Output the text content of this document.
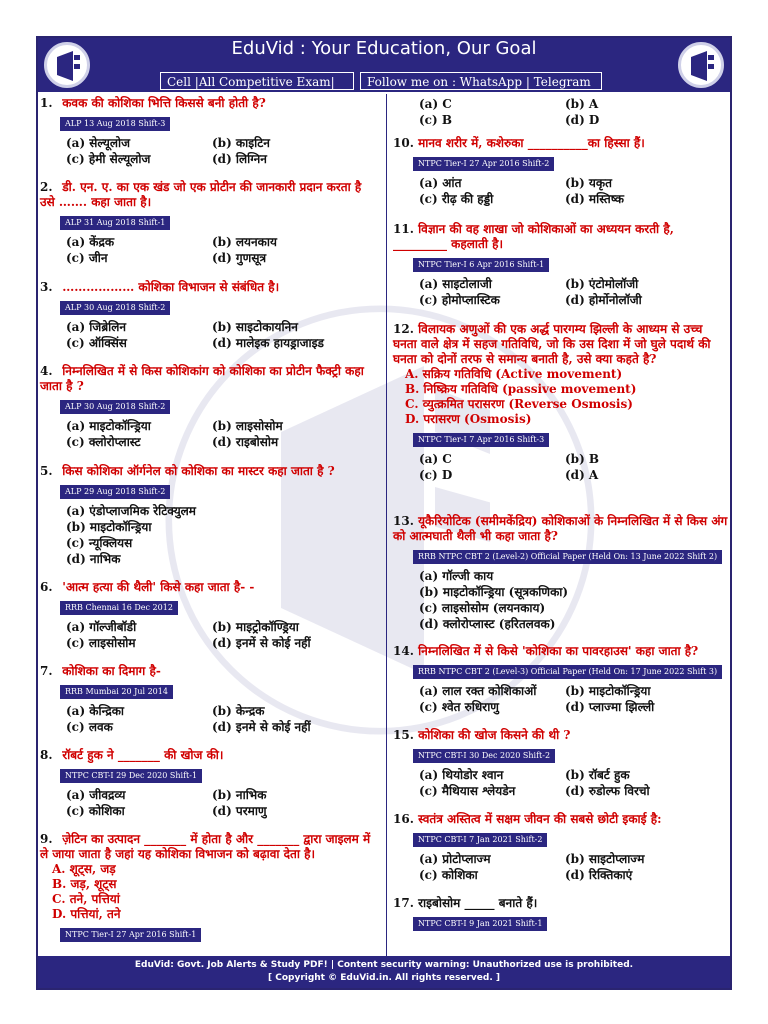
EduVid : Your Education, Our Goal
Cell |All Competitive Exam|	Follow me on : WhatsApp | Telegram
1. कवक की कोशिका भित्ति किससे बनी होती है?
ALP 13 Aug 2018 Shift-3
(a) सेल्यूलोज	(b) काइटिन
(c) हेमी सेल्यूलोज	(d) लिग्निन
2. डी. एन. ए. का एक खंड जो एक प्रोटीन की जानकारी प्रदान करता है उसे ……. कहा जाता है।
ALP 31 Aug 2018 Shift-1
(a) केंद्रक	(b) लयनकाय
(c) जीन	(d) गुणसूत्र
3. ……………… कोशिका विभाजन से संबंधित है।
ALP 30 Aug 2018 Shift-2
(a) जिब्रेलिन	(b) साइटोकायनिन
(c) ऑक्सिंस	(d) मालेइक हायड्राजाइड
4. निम्नलिखित में से किस कोशिकांग को कोशिका का प्रोटीन फैक्ट्री कहा जाता है ?
ALP 30 Aug 2018 Shift-2
(a) माइटोकॉन्ड्रिया	(b) लाइसोसोम
(c) क्लोरोप्लास्ट	(d) राइबोसोम
5. किस कोशिका ऑर्गनेल को कोशिका का मास्टर कहा जाता है ?
ALP 29 Aug 2018 Shift-2
(a) एंडोप्लाजमिक रेटिक्युलम
(b) माइटोकॉन्ड्रिया
(c) न्यूक्लियस
(d) नाभिक
6. 'आत्म हत्या की थैली' किसे कहा जाता है- -
RRB Chennai 16 Dec 2012
(a) गॉल्जीबॉडी	(b) माइट्रोकॉण्ड्रिया
(c) लाइसोसोम	(d) इनमें से कोई नहीं
7. कोशिका का दिमाग है-
RRB Mumbai 20 Jul 2014
(a) केन्द्रिका	(b) केन्द्रक
(c) लवक	(d) इनमे से कोई नहीं
8. रॉबर्ट हुक ने _______ की खोज की।
NTPC CBT-I 29 Dec 2020 Shift-1
(a) जीवद्रव्य	(b) नाभिक
(c) कोशिका	(d) परमाणु
9. ज़ेटिन का उत्पादन _______ में होता है और _______ द्वारा जाइलम में ले जाया जाता है जहां यह कोशिका विभाजन को बढ़ावा देता है।
A. शूट्स, जड़
B. जड़, शूट्स
C. तने, पत्तियां
D. पत्तियां, तने
NTPC Tier-I 27 Apr 2016 Shift-1
(a) C	(b) A
(c) B	(d) D
10. मानव शरीर में, कशेरुका __________का हिस्सा हैं।
NTPC Tier-I 27 Apr 2016 Shift-2
(a) आंत	(b) यकृत
(c) रीढ़ की हड्डी	(d) मस्तिष्क
11. विज्ञान की वह शाखा जो कोशिकाओं का अध्ययन करती है, _________ कहलाती है।
NTPC Tier-I 6 Apr 2016 Shift-1
(a) साइटोलाजी	(b) एंटोमोलॉजी
(c) होमोप्लास्टिक	(d) होर्मोनोलॉजी
12. विलायक अणुओं की एक अर्द्ध पारगम्य झिल्ली के आध्यम से उच्च घनता वाले क्षेत्र में सहज गतिविधि, जो कि उस दिशा में जो घुले पदार्थ की घनता को दोनों तरफ से समान्य बनाती है, उसे क्या कहते है?
A. सक्रिय गतिविधि (Active movement)
B. निष्क्रिय गतिविधि (passive movement)
C. व्युत्क्रमित परासरण (Reverse Osmosis)
D. परासरण (Osmosis)
NTPC Tier-I 7 Apr 2016 Shift-3
(a) C	(b) B
(c) D	(d) A
13. यूकैरियोटिक (समीमकेंद्रिय) कोशिकाओं के निम्नलिखित में से किस अंग को आत्मघाती थैली भी कहा जाता है?
RRB NTPC CBT 2 (Level-2) Official Paper (Held On: 13 June 2022 Shift 2)
(a) गॉल्जी काय
(b) माइटोकॉन्ड्रिया (सूत्रकणिका)
(c) लाइसोसोम (लयनकाय)
(d) क्लोरोप्लास्ट (हरितलवक)
14. निम्नलिखित में से किसे 'कोशिका का पावरहाउस' कहा जाता है?
RRB NTPC CBT 2 (Level-3) Official Paper (Held On: 17 June 2022 Shift 3)
(a) लाल रक्त कोशिकाओं	(b) माइटोकॉन्ड्रिया
(c) श्वेत रुधिराणु	(d) प्लाज्मा झिल्ली
15. कोशिका की खोज किसने की थी ?
NTPC CBT-I 30 Dec 2020 Shift-2
(a) थियोडोर श्वान	(b) रॉबर्ट हुक
(c) मैथियास श्लेयडेन	(d) रुडोल्फ विरचो
16. स्वतंत्र अस्तित्व में सक्षम जीवन की सबसे छोटी इकाई है:
NTPC CBT-I 7 Jan 2021 Shift-2
(a) प्रोटोप्लाज्म	(b) साइटोप्लाज्म
(c) कोशिका	(d) रिक्तिकाएं
17. राइबोसोम _____ बनाते हैं।
NTPC CBT-I 9 Jan 2021 Shift-1
EduVid: Govt. Job Alerts & Study PDF! | Content security warning: Unauthorized use is prohibited.
[ Copyright © EduVid.in. All rights reserved. ]
